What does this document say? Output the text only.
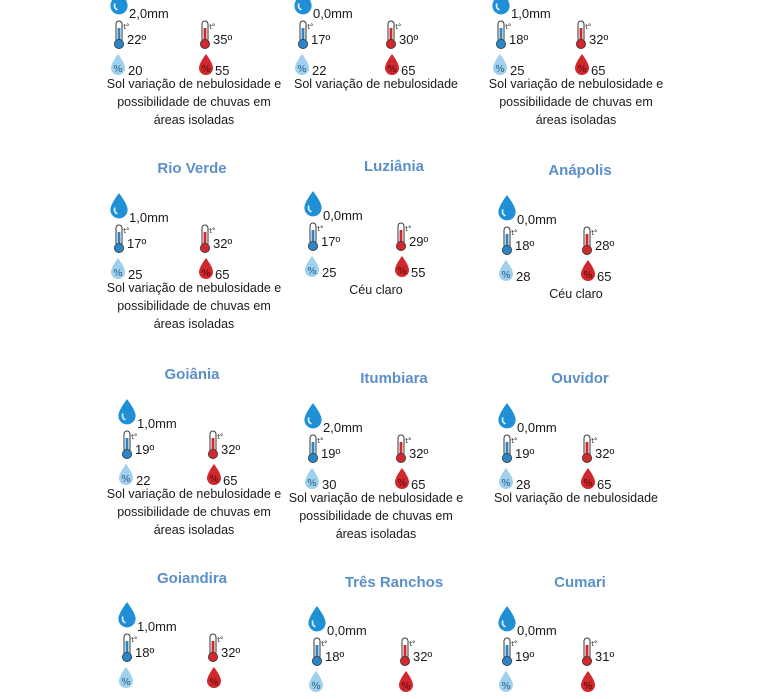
2,0mm
t°
22º
t°
35º
% 20	% 55
Sol variação de nebulosidade e possibilidade de chuvas em áreas isoladas
0,0mm
t°
17º
t°
30º
% 22	% 65
Sol variação de nebulosidade
1,0mm
t°
18º
t°
32º
% 25	% 65
Sol variação de nebulosidade e possibilidade de chuvas em áreas isoladas
Rio Verde
1,0mm
t°
17º
t°
32º
% 25	% 65
Sol variação de nebulosidade e possibilidade de chuvas em áreas isoladas
Luziânia
0,0mm
t°
17º
t°
29º
% 25	% 55
Céu claro
Anápolis
0,0mm
t°
18º
t°
28º
% 28	% 65
Céu claro
Goiânia
1,0mm
t°
19º
t°
32º
% 22	% 65
Sol variação de nebulosidade e possibilidade de chuvas em áreas isoladas
Itumbiara
2,0mm
t°
19º
t°
32º
% 30	% 65
Sol variação de nebulosidade e possibilidade de chuvas em áreas isoladas
Ouvidor
0,0mm
t°
19º
t°
32º
% 28	% 65
Sol variação de nebulosidade
Goiandira
1,0mm
t°
18º
t°
32º
%	%
Três Ranchos
0,0mm
t°
18º
t°
32º
%	%
Cumari
0,0mm
t°
19º
t°
31º
%	%
